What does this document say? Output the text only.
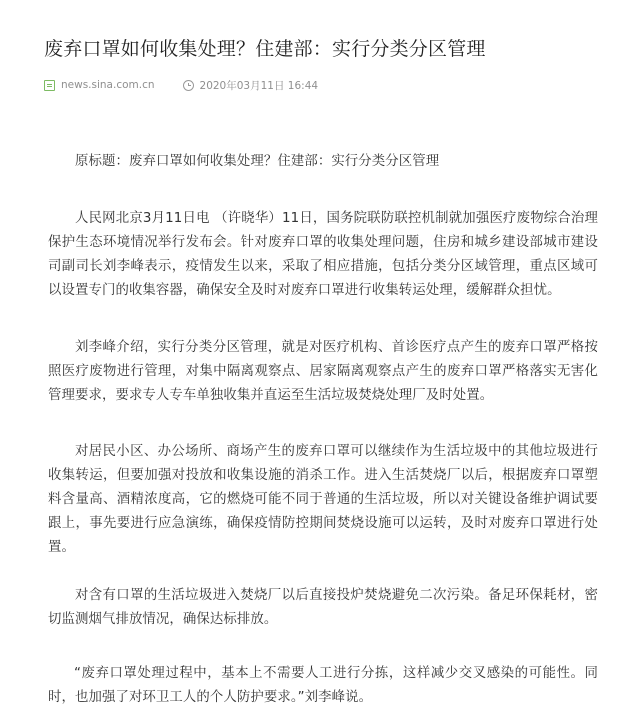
废弃口罩如何收集处理？住建部：实行分类分区管理
news.sina.com.cn	2020年03月11日 16:44

原标题：废弃口罩如何收集处理？住建部：实行分类分区管理

人民网北京3月11日电 （许晓华）11日，国务院联防联控机制就加强医疗废物综合治理保护生态环境情况举行发布会。针对废弃口罩的收集处理问题，住房和城乡建设部城市建设司副司长刘李峰表示，疫情发生以来，采取了相应措施，包括分类分区域管理，重点区域可以设置专门的收集容器，确保安全及时对废弃口罩进行收集转运处理，缓解群众担忧。

刘李峰介绍，实行分类分区管理，就是对医疗机构、首诊医疗点产生的废弃口罩严格按照医疗废物进行管理，对集中隔离观察点、居家隔离观察点产生的废弃口罩严格落实无害化管理要求，要求专人专车单独收集并直运至生活垃圾焚烧处理厂及时处置。

对居民小区、办公场所、商场产生的废弃口罩可以继续作为生活垃圾中的其他垃圾进行收集转运，但要加强对投放和收集设施的消杀工作。进入生活焚烧厂以后，根据废弃口罩塑料含量高、酒精浓度高，它的燃烧可能不同于普通的生活垃圾，所以对关键设备维护调试要跟上，事先要进行应急演练，确保疫情防控期间焚烧设施可以运转，及时对废弃口罩进行处置。

对含有口罩的生活垃圾进入焚烧厂以后直接投炉焚烧避免二次污染。备足环保耗材，密切监测烟气排放情况，确保达标排放。

“废弃口罩处理过程中，基本上不需要人工进行分拣，这样减少交叉感染的可能性。同时，也加强了对环卫工人的个人防护要求。”刘李峰说。
